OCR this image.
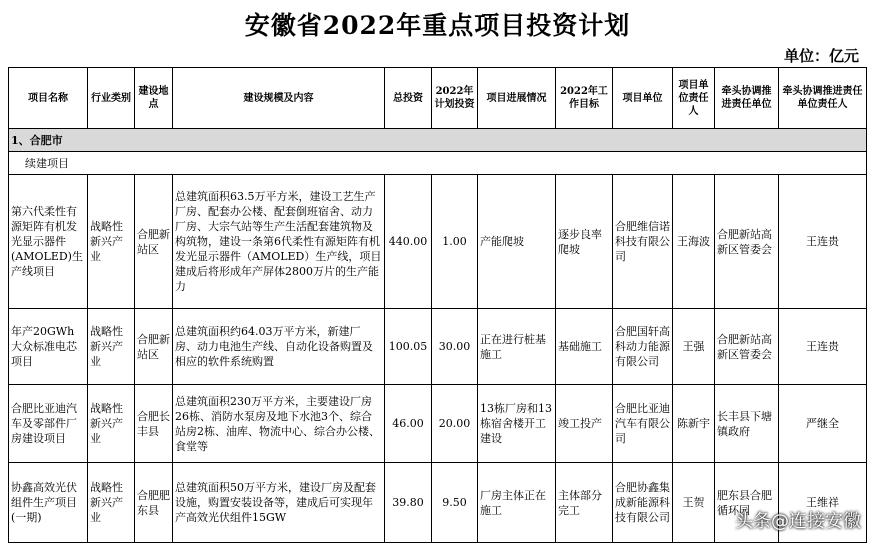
安徽省2022年重点项目投资计划
单位：亿元
项目名称	行业类别	建设地点	建设规模及内容	总投资	2022年计划投资	项目进展情况	2022年工作目标	项目单位	项目单位责任人	牵头协调推进责任单位	牵头协调推进责任单位责任人
1、合肥市											
续建项目											
第六代柔性有源矩阵有机发光显示器件(AMOLED)生产线项目	战略性新兴产业	合肥新站区	总建筑面积63.5万平方米，建设工艺生产厂房、配套办公楼、配套倒班宿舍、动力厂房、大宗气站等生产生活配套建筑物及构筑物，建设一条第6代柔性有源矩阵有机发光显示器件（AMOLED）生产线，项目建成后将形成年产屏体2800万片的生产能力	440.00	1.00	产能爬坡	逐步良率爬坡	合肥维信诺科技有限公司	王海波	合肥新站高新区管委会	王连贵
年产20GWh大众标准电芯项目	战略性新兴产业	合肥新站区	总建筑面积约64.03万平方米，新建厂房、动力电池生产线、自动化设备购置及相应的软件系统购置	100.05	30.00	正在进行桩基施工	基础施工	合肥国轩高科动力能源有限公司	王强	合肥新站高新区管委会	王连贵
合肥比亚迪汽车及零部件厂房建设项目	战略性新兴产业	合肥长丰县	总建筑面积230万平方米，主要建设厂房26栋、消防水泵房及地下水池3个、综合站房2栋、油库、物流中心、综合办公楼、食堂等	46.00	20.00	13栋厂房和13栋宿舍楼开工建设	竣工投产	合肥比亚迪汽车有限公司	陈新宇	长丰县下塘镇政府	严继全
协鑫高效光伏组件生产项目(一期)	战略性新兴产业	合肥肥东县	总建筑面积50万平方米，建设厂房及配套设施，购置安装设备等，建成后可实现年产高效光伏组件15GW	39.80	9.50	厂房主体正在施工	主体部分完工	合肥协鑫集成新能源科技有限公司	王贺	肥东县合肥循环园	王维祥
头条@连接安徽
